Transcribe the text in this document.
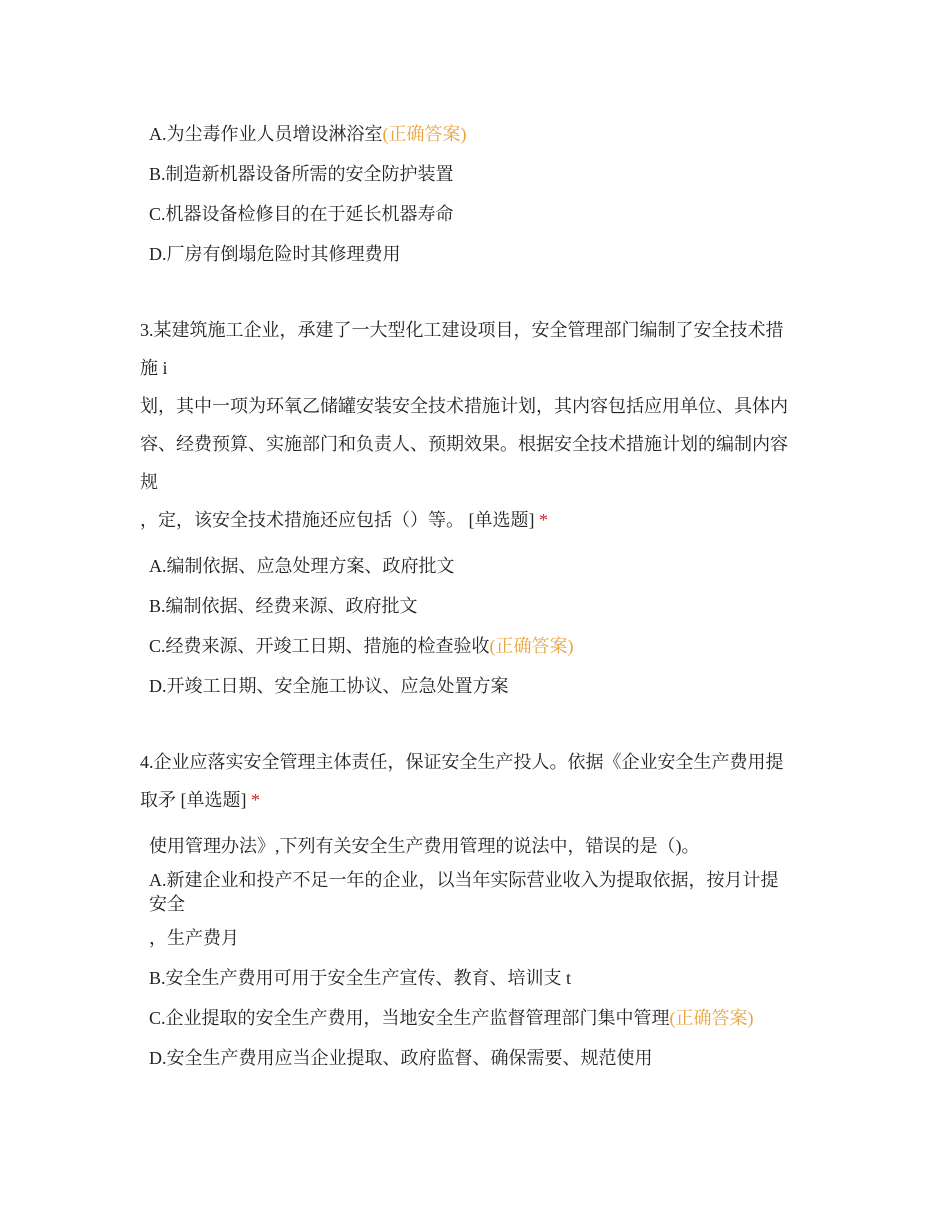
A.为尘毒作业人员增设淋浴室(正确答案)
B.制造新机器设备所需的安全防护装置
C.机器设备检修目的在于延长机器寿命
D.厂房有倒塌危险时其修理费用
3.某建筑施工企业，承建了一大型化工建设项目，安全管理部门编制了安全技术措
施 i
划，其中一项为环氧乙储罐安装安全技术措施计划，其内容包括应用单位、具体内
容、经费预算、实施部门和负责人、预期效果。根据安全技术措施计划的编制内容
规
，定，该安全技术措施还应包括（）等。 [单选题] *
A.编制依据、应急处理方案、政府批文
B.编制依据、经费来源、政府批文
C.经费来源、开竣工日期、措施的检查验收(正确答案)
D.开竣工日期、安全施工协议、应急处置方案
4.企业应落实安全管理主体责任，保证安全生产投人。依据《企业安全生产费用提
取矛 [单选题] *
使用管理办法》,下列有关安全生产费用管理的说法中，错误的是（)。
A.新建企业和投产不足一年的企业，以当年实际营业收入为提取依据，按月计提
安全
，生产费月
B.安全生产费用可用于安全生产宣传、教育、培训支 t
C.企业提取的安全生产费用，当地安全生产监督管理部门集中管理(正确答案)
D.安全生产费用应当企业提取、政府监督、确保需要、规范使用
